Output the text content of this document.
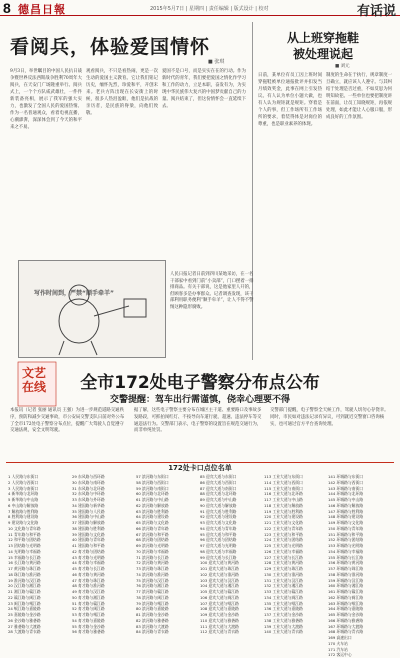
8 德昌日報	2015年5月7日 | 星期四 | 责任编辑 | 版式设计 | 校对	有话说
看阅兵，体验爱国情怀
■ 张琪
9月3日，举世瞩目的中国人民抗日战争暨世界反法西斯战争胜利70周年大阅兵，在天安门广场隆重举行。阅兵式上，一个个方队威武雄壮，一件件新装备亮相，展示了我军的强大实力，也激发了全国人民的爱国热情。作为一名普通观众，看着电视直播，心潮澎湃，深深体会到了今天的和平来之不易。
观看阅兵，不只是看热闹，更是一次生动的爱国主义教育。它让我们铭记历史，缅怀先烈，珍爱和平，开创未来。老兵方阵出现在长安街上的时候，很多人热泪盈眶，他们是抗战的亲历者，是民族的脊梁，向他们致敬。
爱国不是口号，而是实实在在的行动。作为新时代的青年，我们要把爱国之情化作学习和工作的动力，立足本职，奋发有为，为实现中华民族伟大复兴的中国梦贡献自己的力量。阅兵结束了，但这份情怀会一直延续下去。
从上班穿拖鞋
被处理说起
■ 刘元
日前，某单位有员工因上班时间穿拖鞋被单位通报批评并扣发当月绩效奖金，此事在网上引发热议。有人认为单位小题大做，也有人认为规矩就是规矩。穿着是个人的事，但工作场所有工作场所的要求，着装得体是对岗位的尊重，也是职业素养的体现。
制度的生命在于执行，规章制度一旦确立，就应该人人遵守。与其纠结于处理是否过重，不如反思为何明知故犯。一些单位也要把制度讲在前面，让员工知晓规矩，再依规处理，如此才能让人心服口服，形成良好的工作氛围。
写作时间到，严禁“顺手牵羊”
人民日报记者日前到四川某地采访，在一名干部家中看到门前“小卖部”，门口摆着一排排商品。有关干部说，这是他家里人开的，但顾客多是办事群众。记者调查发现，该干部利用职务便利“顺手牵羊”，让人不得不警惕这种隐形腐败。
文艺
在线	全市172处电子警察分布点公布
交警提醒：驾车出行需谨慎，侥幸心理要不得
本报讯（记者 张丽 通讯员 王强）为进一步规范道路交通秩序，预防和减少交通事故，市公安局交警支队日前对外公布了全市172处电子警察分布点位，提醒广大驾驶人自觉遵守交通法规，安全文明驾驶。
据了解，这些电子警察主要分布在城区主干道、重要路口及事故多发路段，可抓拍闯红灯、不按导向车道行驶、超速、违法停车等交通违法行为。交警部门表示，电子警察的设置旨在规范交通行为，而非单纯处罚。
交警部门提醒，电子警察全天候工作，驾驶人切勿心存侥幸。同时，市民如对违法记录有异议，可到就近交警窗口咨询核实，也可通过官方平台查询处理。
172处卡口点位名单
1 人民路与东街口
2 人民路与西街口
3 人民路与南街口
4 新华路与北环路
5 新华路与中山路
6 中山路与解放路
7 解放路与胜利路
8 胜利路与建设路
9 建设路与文化路
10 文化路与青年路
11 青年路与和平路
12 和平路与团结路
13 团结路与光明路
14 光明路与幸福路
15 幸福路与长江路
16 长江路与黄河路
17 黄河路与珠江路
18 珠江路与淮河路
19 淮河路与汉江路
20 汉江路与湘江路
21 湘江路与赣江路
22 赣江路与闽江路
23 闽江路与岷江路
24 岷江路与嘉陵路
25 嘉陵路与金沙路
26 金沙路与雅砻路
27 雅砻路与大渡路
28 大渡路与青衣路
29 东风路与西环路
30 东风路与南环路
31 东风路与北环路
32 东风路与中环路
33 东风路与外环路
34 建国路与新华路
35 建国路与人民路
36 建国路与中山路
37 建国路与解放路
38 建国路与胜利路
39 建国路与文化路
40 建国路与青年路
41 建国路与和平路
42 育才路与团结路
43 育才路与光明路
44 育才路与幸福路
45 育才路与长江路
46 育才路与黄河路
47 育才路与珠江路
48 育才路与淮河路
49 育才路与汉江路
50 育才路与湘江路
51 育才路与赣江路
52 育才路与闽江路
53 育才路与岷江路
54 育才路与嘉陵路
55 育才路与金沙路
56 育才路与雅砻路
57 滨河路与东街口
58 滨河路与西街口
59 滨河路与南街口
60 滨河路与北环路
61 滨河路与中山路
62 滨河路与解放路
63 滨河路与胜利路
64 滨河路与建设路
65 滨河路与文化路
66 滨河路与青年路
67 滨河路与和平路
68 滨河路与团结路
69 滨河路与光明路
70 滨河路与幸福路
71 滨河路与长江路
72 滨河路与黄河路
73 滨河路与珠江路
74 滨河路与淮河路
75 滨河路与汉江路
76 滨河路与湘江路
77 滨河路与赣江路
78 滨河路与闽江路
79 滨河路与岷江路
80 滨河路与嘉陵路
81 滨河路与金沙路
82 滨河路与雅砻路
83 滨河路与大渡路
84 滨河路与青衣路
85 迎宾大道与东街口
86 迎宾大道与西街口
87 迎宾大道与南街口
88 迎宾大道与北环路
89 迎宾大道与中山路
90 迎宾大道与解放路
91 迎宾大道与胜利路
92 迎宾大道与建设路
93 迎宾大道与文化路
94 迎宾大道与青年路
95 迎宾大道与和平路
96 迎宾大道与团结路
97 迎宾大道与光明路
98 迎宾大道与幸福路
99 迎宾大道与长江路
100 迎宾大道与黄河路
101 迎宾大道与珠江路
102 迎宾大道与淮河路
103 迎宾大道与汉江路
104 迎宾大道与湘江路
105 迎宾大道与赣江路
106 迎宾大道与闽江路
107 迎宾大道与岷江路
108 迎宾大道与嘉陵路
109 迎宾大道与金沙路
110 迎宾大道与雅砻路
111 迎宾大道与大渡路
112 迎宾大道与青衣路
113 工业大道与东街口
114 工业大道与西街口
115 工业大道与南街口
116 工业大道与北环路
117 工业大道与中山路
118 工业大道与解放路
119 工业大道与胜利路
120 工业大道与建设路
121 工业大道与文化路
122 工业大道与青年路
123 工业大道与和平路
124 工业大道与团结路
125 工业大道与光明路
126 工业大道与幸福路
127 工业大道与长江路
128 工业大道与黄河路
129 工业大道与珠江路
130 工业大道与淮河路
131 工业大道与汉江路
132 工业大道与湘江路
133 工业大道与赣江路
134 工业大道与闽江路
135 工业大道与岷江路
136 工业大道与嘉陵路
137 工业大道与金沙路
138 工业大道与雅砻路
139 工业大道与大渡路
140 工业大道与青衣路
141 环城路与东街口
142 环城路与西街口
143 环城路与南街口
144 环城路与北环路
145 环城路与中山路
146 环城路与解放路
147 环城路与胜利路
148 环城路与建设路
149 环城路与文化路
150 环城路与青年路
151 环城路与和平路
152 环城路与团结路
153 环城路与光明路
154 环城路与幸福路
155 环城路与长江路
156 环城路与黄河路
157 环城路与珠江路
158 环城路与淮河路
159 环城路与汉江路
160 环城路与湘江路
161 环城路与赣江路
162 环城路与闽江路
163 环城路与岷江路
164 环城路与嘉陵路
165 环城路与金沙路
166 环城路与雅砻路
167 环城路与大渡路
168 环城路与青衣路
169 高速出口
170 火车站
171 汽车站
172 客运中心
